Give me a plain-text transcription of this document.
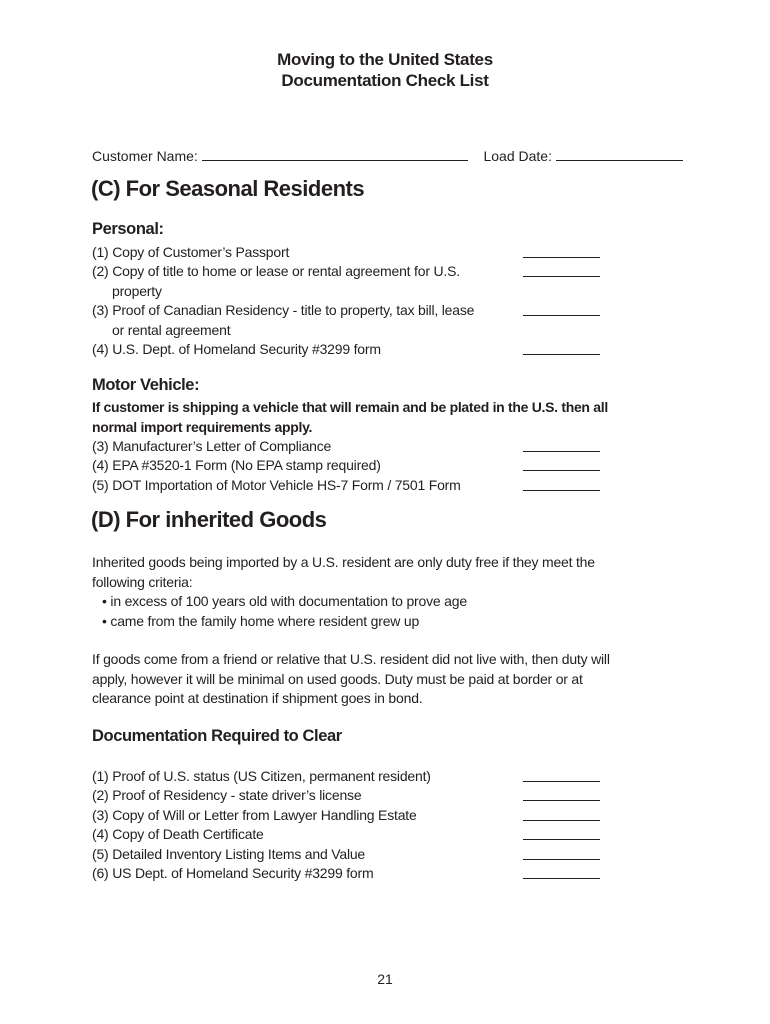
Moving to the United States
Documentation Check List
Customer Name:	Load Date:
(C) For Seasonal Residents
Personal:
(1) Copy of Customer’s Passport
(2) Copy of title to home or lease or rental agreement for U.S.
property
(3) Proof of Canadian Residency - title to property, tax bill, lease
or rental agreement
(4) U.S. Dept. of Homeland Security #3299 form
Motor Vehicle:
If customer is shipping a vehicle that will remain and be plated in the U.S. then all
normal import requirements apply.
(3) Manufacturer’s Letter of Compliance
(4) EPA #3520-1 Form (No EPA stamp required)
(5) DOT Importation of Motor Vehicle HS-7 Form / 7501 Form
(D) For inherited Goods
Inherited goods being imported by a U.S. resident are only duty free if they meet the
following criteria:
• in excess of 100 years old with documentation to prove age
• came from the family home where resident grew up
If goods come from a friend or relative that U.S. resident did not live with, then duty will
apply, however it will be minimal on used goods. Duty must be paid at border or at
clearance point at destination if shipment goes in bond.
Documentation Required to Clear
(1) Proof of U.S. status (US Citizen, permanent resident)
(2) Proof of Residency - state driver’s license
(3) Copy of Will or Letter from Lawyer Handling Estate
(4) Copy of Death Certificate
(5) Detailed Inventory Listing Items and Value
(6) US Dept. of Homeland Security #3299 form
21
